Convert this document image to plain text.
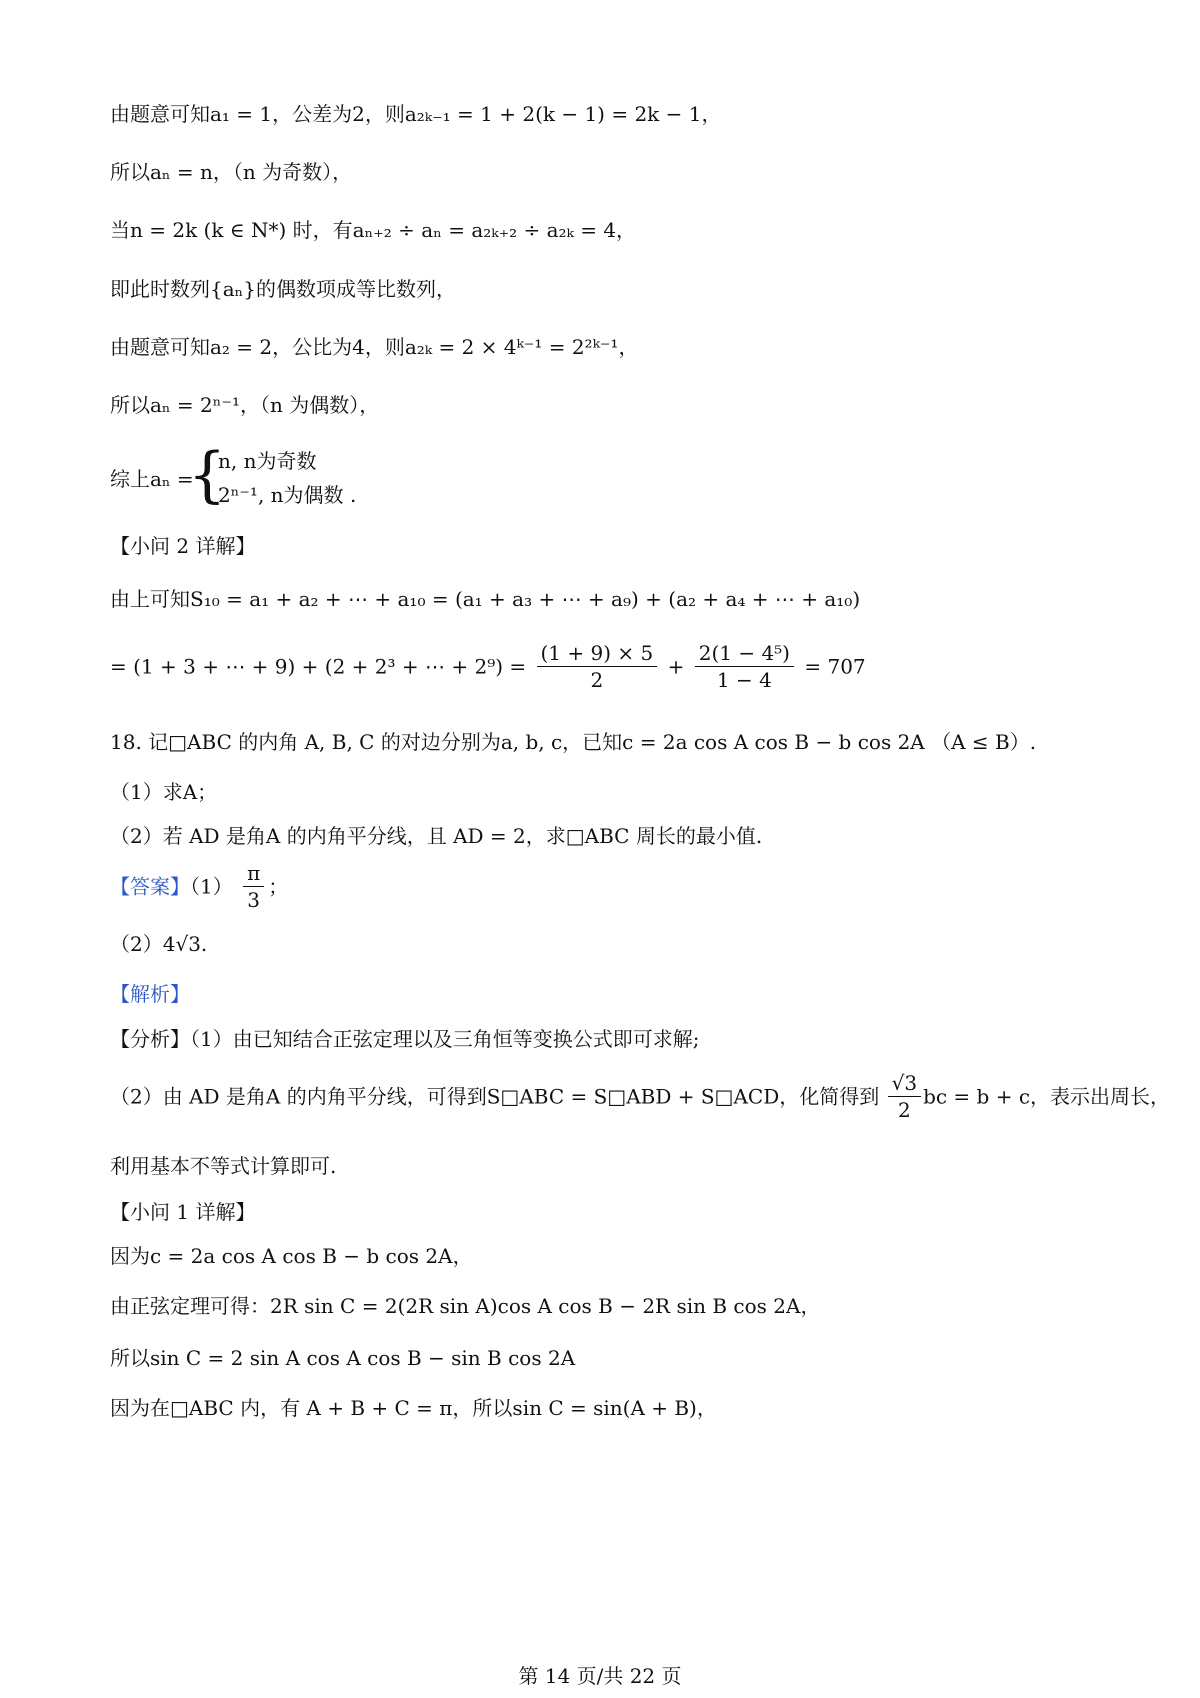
由题意可知a₁ = 1，公差为2，则a₂ₖ₋₁ = 1 + 2(k − 1) = 2k − 1，
所以aₙ = n，（n 为奇数），
当n = 2k (k ∈ N*) 时，有aₙ₊₂ ÷ aₙ = a₂ₖ₊₂ ÷ a₂ₖ = 4，
即此时数列{aₙ}的偶数项成等比数列，
由题意可知a₂ = 2，公比为4，则a₂ₖ = 2 × 4ᵏ⁻¹ = 2²ᵏ⁻¹，
所以aₙ = 2ⁿ⁻¹，（n 为偶数），
综上aₙ =
{
n, n为奇数
2ⁿ⁻¹, n为偶数 .
【小问 2 详解】
由上可知S₁₀ = a₁ + a₂ + ⋯ + a₁₀ = (a₁ + a₃ + ⋯ + a₉) + (a₂ + a₄ + ⋯ + a₁₀)
= (1 + 3 + ⋯ + 9) + (2 + 2³ + ⋯ + $2^9) = \frac{(1 + 9) \times 5}{2} + \frac{\text{2(1 − 4⁵)}}{1 - 4} = 707$
18. 记□ABC 的内角 A, B, C 的对边分别为a, b, c，已知c = 2a cos A cos B − b cos 2A （A ≤ B）.
（1）求A；
（2）若 AD 是角A 的内角平分线，且 AD = 2，求□ABC 周长的最小值.
【答案】$(1) \frac{\pi}{3}$ ；
（2）4√3.
【解析】
【分析】（1）由已知结合正弦定理以及三角恒等变换公式即可求解;
（2）由 AD 是角A 的内角平分线，可得到S□ABC = S□ABD + S□ACD，化简得到 $\frac{√3}{2}$ bc = b + c，表示出周长，
利用基本不等式计算即可.
【小问 1 详解】
因为c = 2a cos A cos B − b cos 2A，
由正弦定理可得：2R sin C = 2(2R sin A)cos A cos B − 2R sin B cos 2A，
所以sin C = 2 sin A cos A cos B − sin B cos 2A
因为在□ABC 内，有 A + B + C = π，所以sin C = sin(A + B)，
第 14 页/共 22 页
